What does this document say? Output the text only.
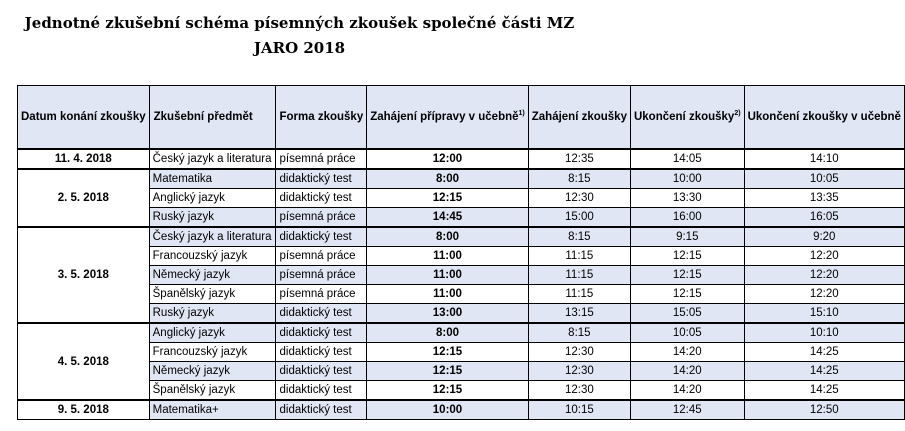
Jednotné zkušební schéma písemných zkoušek společné části MZ
JARO 2018
Datum konání zkoušky	Zkušební předmět	Forma zkoušky	Zahájení přípravy v učebně$^{1)}$	Zahájení zkoušky	Ukončení zkoušky$^{2)}$	Ukončení zkoušky v učebně
11. 4. 2018	Český jazyk a literatura	písemná práce	12:00	12:35	14:05	14:10
2. 5. 2018	Matematika	didaktický test	8:00	8:15	10:00	10:05
	Anglický jazyk	didaktický test	12:15	12:30	13:30	13:35
	Ruský jazyk	písemná práce	14:45	15:00	16:00	16:05
3. 5. 2018	Český jazyk a literatura	didaktický test	8:00	8:15	9:15	9:20
	Francouzský jazyk	písemná práce	11:00	11:15	12:15	12:20
	Německý jazyk	písemná práce	11:00	11:15	12:15	12:20
	Španělský jazyk	písemná práce	11:00	11:15	12:15	12:20
	Ruský jazyk	didaktický test	13:00	13:15	15:05	15:10
4. 5. 2018	Anglický jazyk	didaktický test	8:00	8:15	10:05	10:10
	Francouzský jazyk	didaktický test	12:15	12:30	14:20	14:25
	Německý jazyk	didaktický test	12:15	12:30	14:20	14:25
	Španělský jazyk	didaktický test	12:15	12:30	14:20	14:25
9. 5. 2018	Matematika+	didaktický test	10:00	10:15	12:45	12:50
